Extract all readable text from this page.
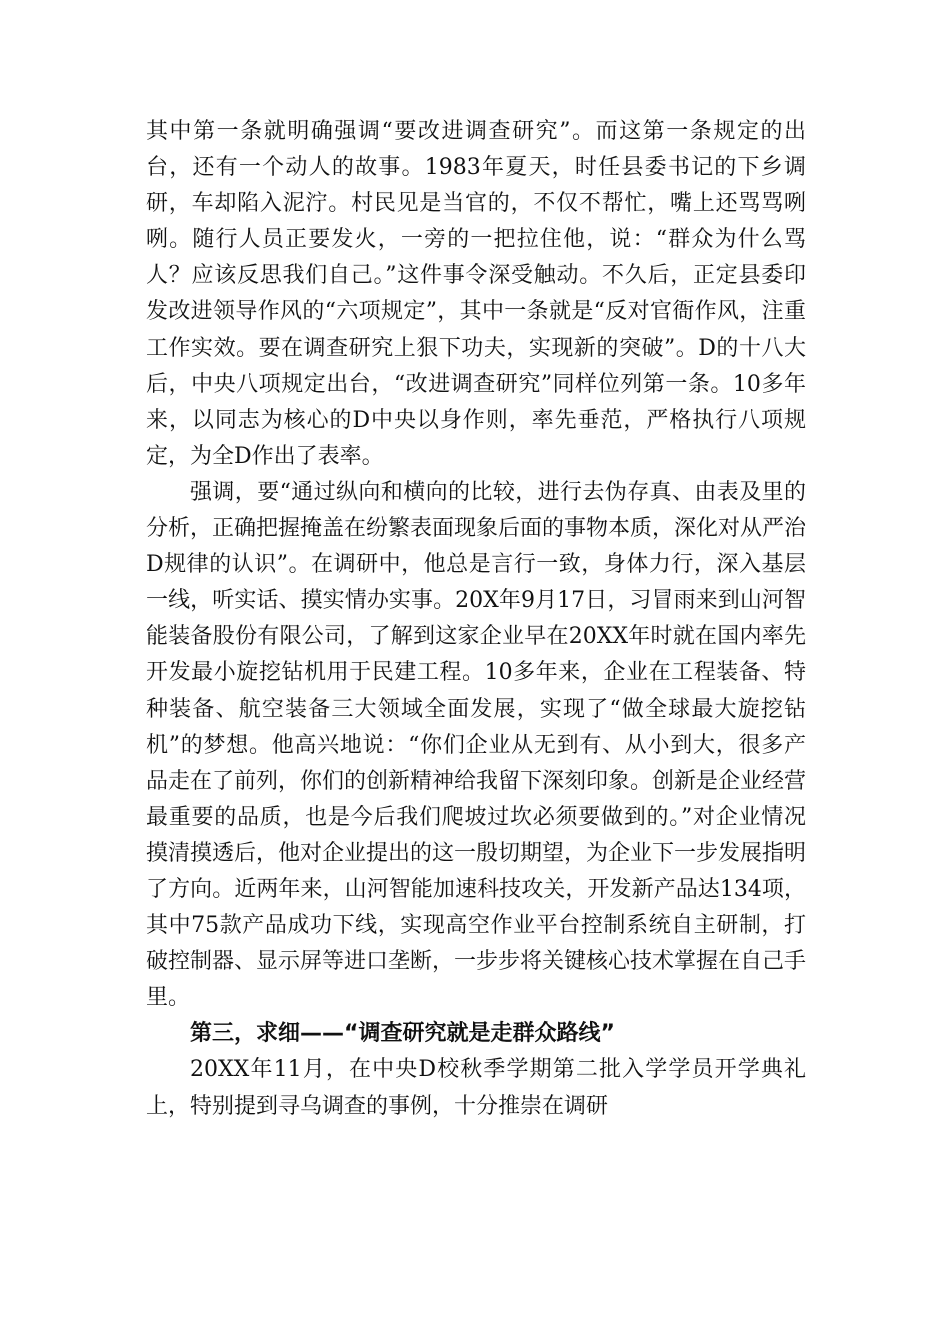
其中第一条就明确强调“要改进调查研究”。而这第一条规定的出台，还有一个动人的故事。1983年夏天，时任县委书记的下乡调研，车却陷入泥泞。村民见是当官的，不仅不帮忙，嘴上还骂骂咧咧。随行人员正要发火，一旁的一把拉住他，说：“群众为什么骂人？应该反思我们自己。”这件事令深受触动。不久后，正定县委印发改进领导作风的“六项规定”，其中一条就是“反对官衙作风，注重工作实效。要在调查研究上狠下功夫，实现新的突破”。D的十八大后，中央八项规定出台，“改进调查研究”同样位列第一条。10多年来，以同志为核心的D中央以身作则，率先垂范，严格执行八项规定，为全D作出了表率。

强调，要“通过纵向和横向的比较，进行去伪存真、由表及里的分析，正确把握掩盖在纷繁表面现象后面的事物本质，深化对从严治D规律的认识”。在调研中，他总是言行一致，身体力行，深入基层一线，听实话、摸实情办实事。20X年9月17日，习冒雨来到山河智能装备股份有限公司，了解到这家企业早在20XX年时就在国内率先开发最小旋挖钻机用于民建工程。10多年来，企业在工程装备、特种装备、航空装备三大领域全面发展，实现了“做全球最大旋挖钻机”的梦想。他高兴地说：“你们企业从无到有、从小到大，很多产品走在了前列，你们的创新精神给我留下深刻印象。创新是企业经营最重要的品质，也是今后我们爬坡过坎必须要做到的。”对企业情况摸清摸透后，他对企业提出的这一殷切期望，为企业下一步发展指明了方向。近两年来，山河智能加速科技攻关，开发新产品达134项，其中75款产品成功下线，实现高空作业平台控制系统自主研制，打破控制器、显示屏等进口垄断，一步步将关键核心技术掌握在自己手里。

第三，求细——“调查研究就是走群众路线”

20XX年11月，在中央D校秋季学期第二批入学学员开学典礼上，特别提到寻乌调查的事例，十分推崇在调研
